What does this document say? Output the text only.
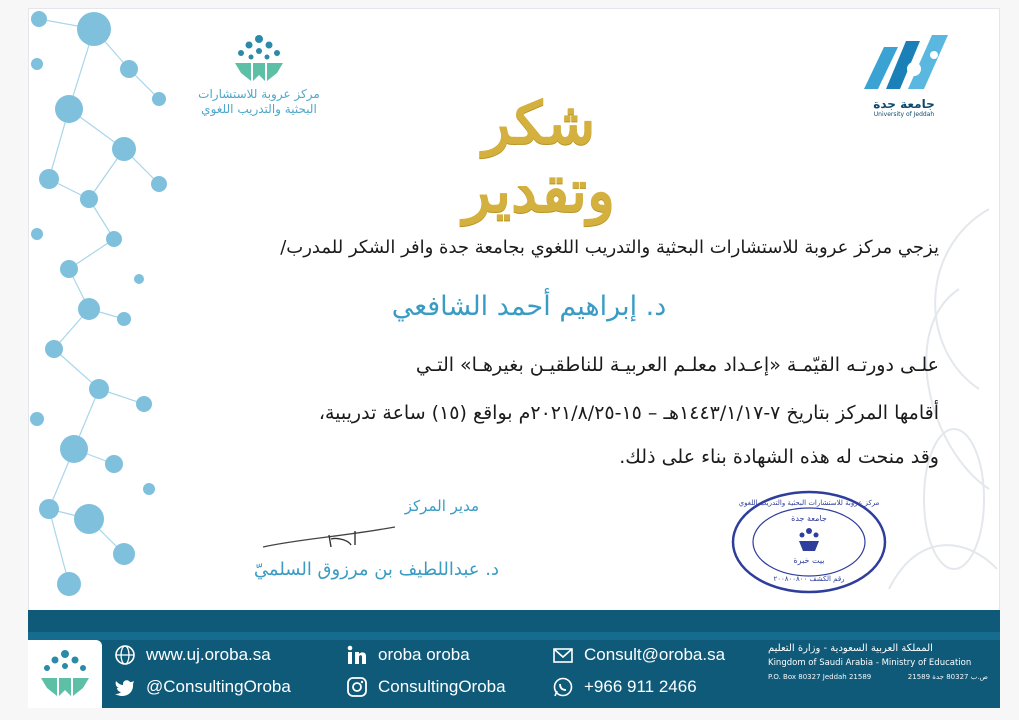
مركز عروبة للاستشارات
البحثية والتدريب اللغوي	جامعة جدة
University of Jeddah
شكر وتقدير
يزجي مركز عروبة للاستشارات البحثية والتدريب اللغوي بجامعة جدة وافر الشكر للمدرب/
د. إبراهيم أحمد الشافعي
علـى دورتـه القيّمـة «إعـداد معلـم العربيـة للناطقيـن بغيرهـا» التـي
أقامها المركز بتاريخ ٧-١٤٤٣/١/١٧هـ – ١٥-٢٠٢١/٨/٢٥م بواقع (١٥) ساعة تدريبية،
وقد منحت له هذه الشهادة بناء على ذلك.
مدير المركز
د. عبداللطيف بن مرزوق السلميّ
مركز عروبة للاستشارات البحثية والتدريب اللغوي
جامعة جدة
بيت خبرة
رقم الكشف ٢٠٠٨٠٠٨٠٠
www.uj.oroba.sa
@ConsultingOroba
oroba oroba
ConsultingOroba
Consult@oroba.sa
+966 911 2466
المملكة العربية السعودية - وزارة التعليم
Kingdom of Saudi Arabia - Ministry of Education
P.O. Box 80327 Jeddah 21589	ص.ب 80327 جدة 21589
